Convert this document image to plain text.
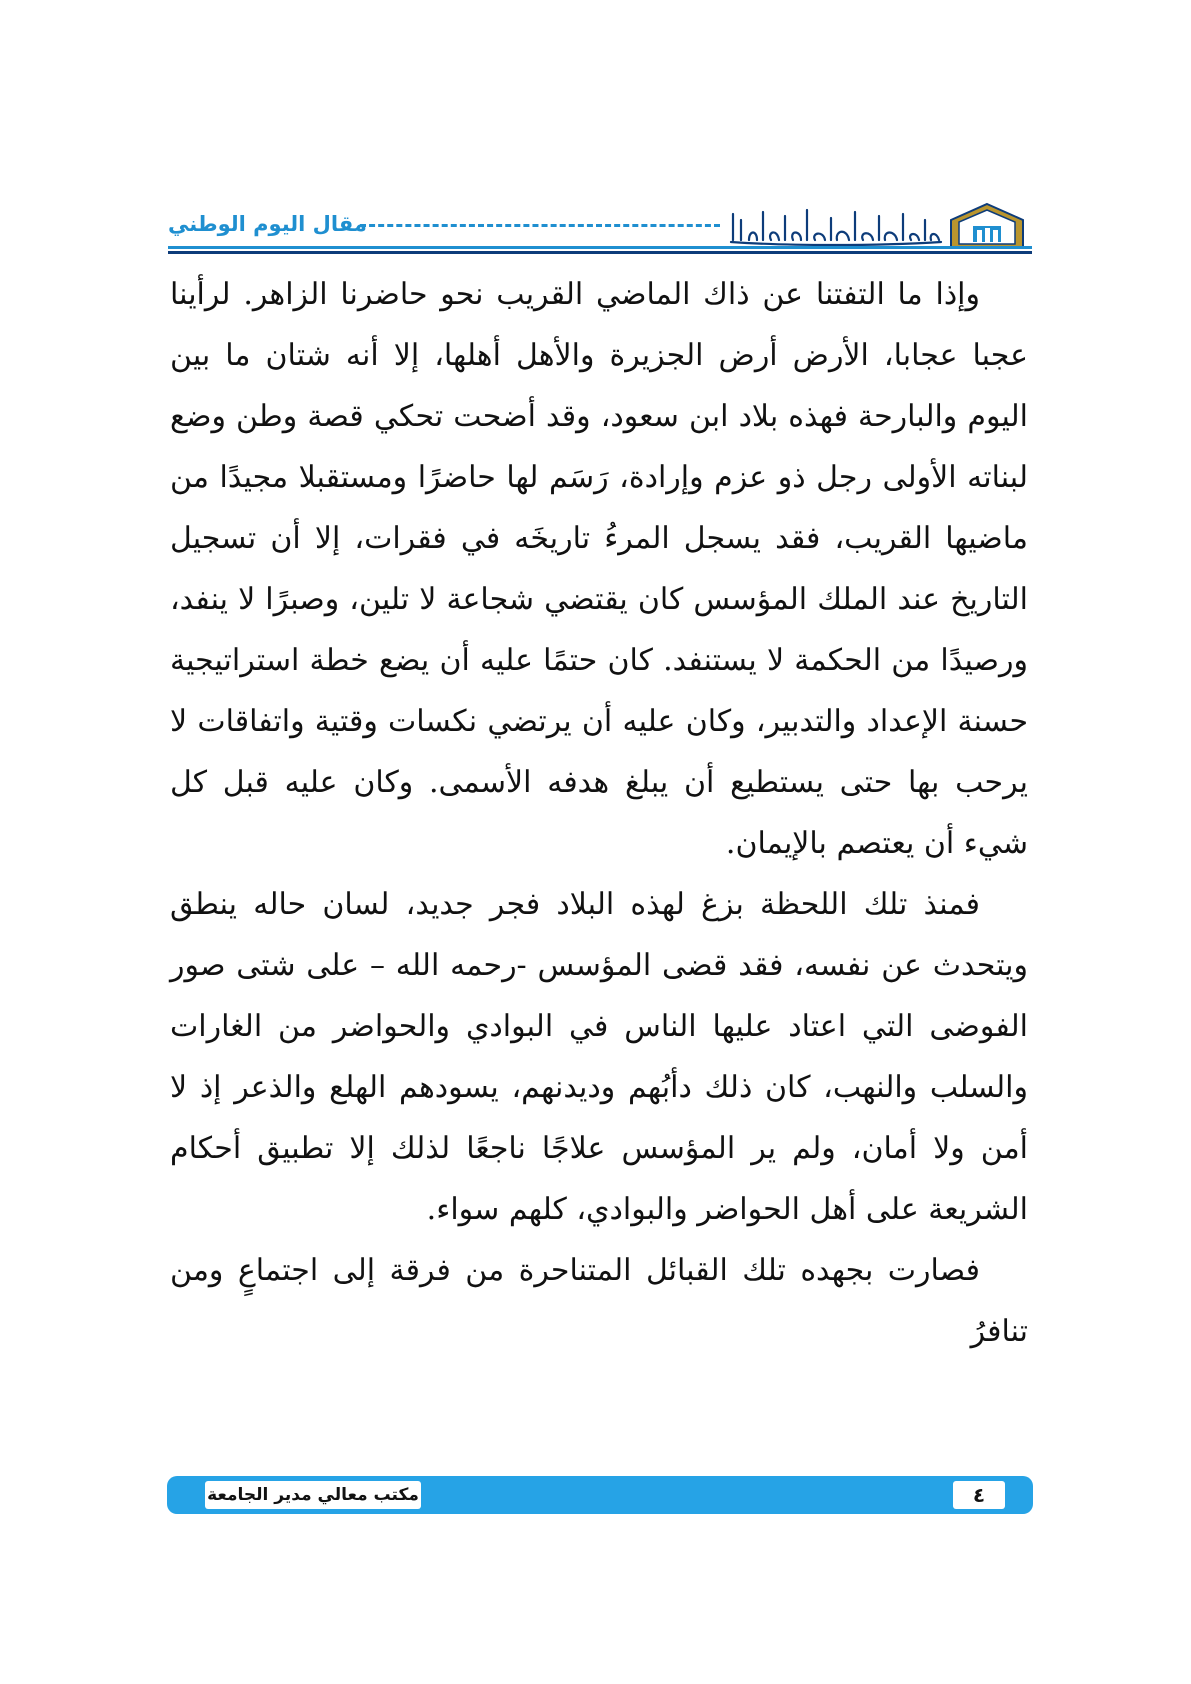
مقال اليوم الوطني

وإذا ما التفتنا عن ذاك الماضي القريب نحو حاضرنا الزاهر. لرأينا عجبا عجابا، الأرض أرض الجزيرة والأهل أهلها، إلا أنه شتان ما بين اليوم والبارحة فهذه بلاد ابن سعود، وقد أضحت تحكي قصة وطن وضع لبناته الأولى رجل ذو عزم وإرادة، رَسَم لها حاضرًا ومستقبلا مجيدًا من ماضيها القريب، فقد يسجل المرءُ تاريخَه في فقرات، إلا أن تسجيل التاريخ عند الملك المؤسس كان يقتضي شجاعة لا تلين، وصبرًا لا ينفد، ورصيدًا من الحكمة لا يستنفد. كان حتمًا عليه أن يضع خطة استراتيجية حسنة الإعداد والتدبير، وكان عليه أن يرتضي نكسات وقتية واتفاقات لا يرحب بها حتى يستطيع أن يبلغ هدفه الأسمى. وكان عليه قبل كل شيء أن يعتصم بالإيمان.

فمنذ تلك اللحظة بزغ لهذه البلاد فجر جديد، لسان حاله ينطق ويتحدث عن نفسه، فقد قضى المؤسس -رحمه الله – على شتى صور الفوضى التي اعتاد عليها الناس في البوادي والحواضر من الغارات والسلب والنهب، كان ذلك دأبُهم وديدنهم، يسودهم الهلع والذعر إذ لا أمن ولا أمان، ولم ير المؤسس علاجًا ناجعًا لذلك إلا تطبيق أحكام الشريعة على أهل الحواضر والبوادي، كلهم سواء.

فصارت بجهده تلك القبائل المتناحرة من فرقة إلى اجتماعٍ ومن تنافرُ

مكتب معالي مدير الجامعة	٤
